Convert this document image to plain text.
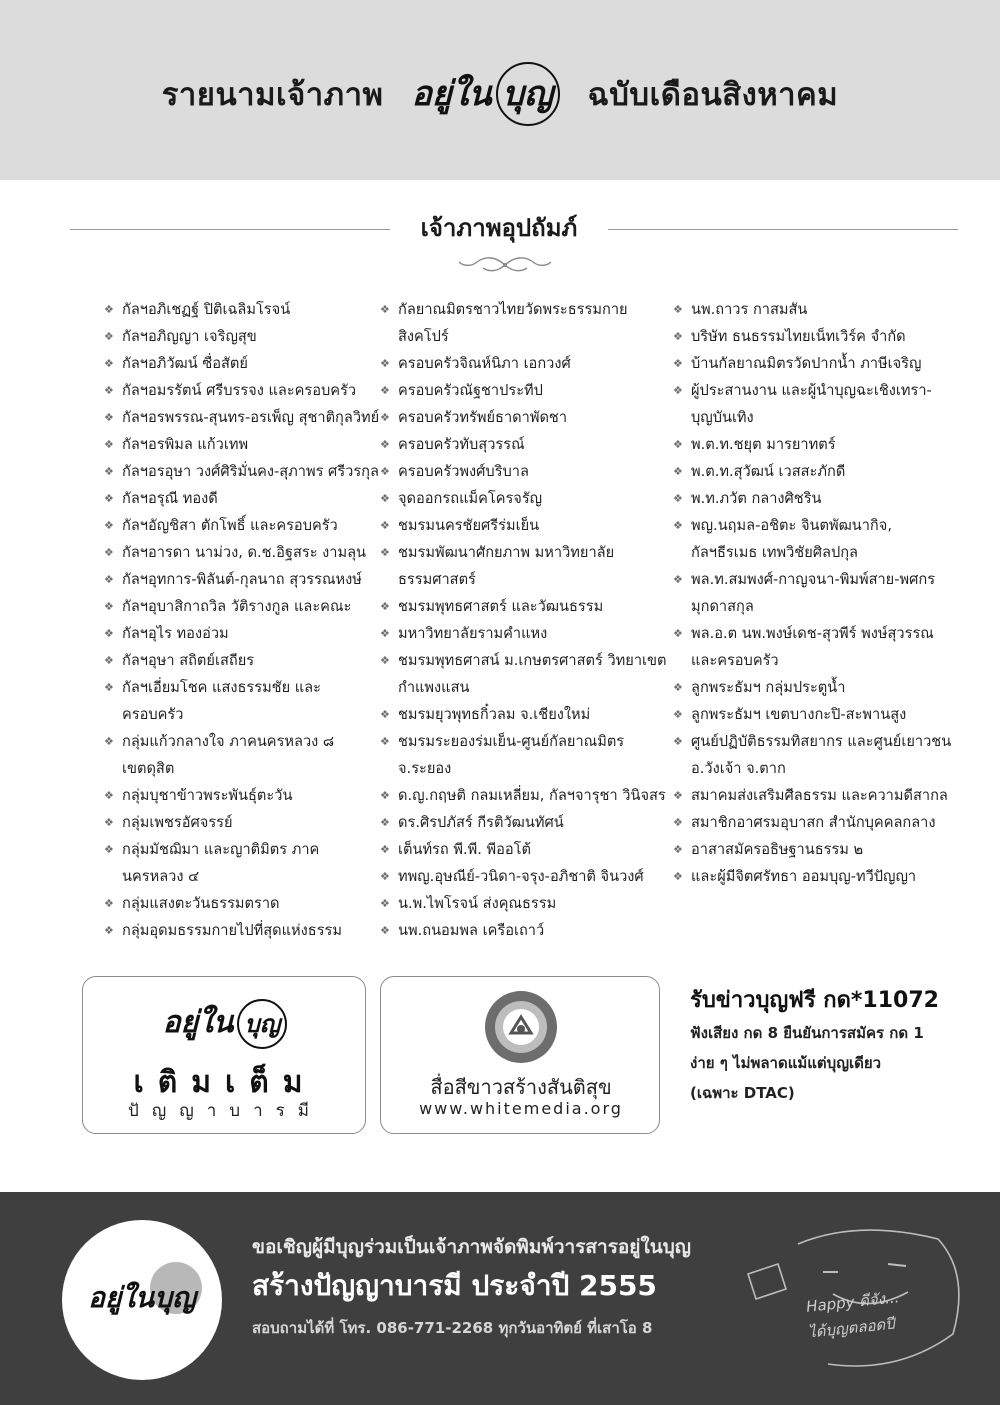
รายนามเจ้าภาพ อยู่ใน บุญ	ฉบับเดือนสิงหาคม
เจ้าภาพอุปถัมภ์
❖ กัลฯอภิเชฏฐ์ ปิติเฉลิมโรจน์
❖ กัลฯอภิญญา เจริญสุข
❖ กัลฯอภิวัฒน์ ซื่อสัตย์
❖ กัลฯอมรรัตน์ ศรีบรรจง และครอบครัว
❖ กัลฯอรพรรณ-สุนทร-อรเพ็ญ สุชาติกุลวิทย์
❖ กัลฯอรพิมล แก้วเทพ
❖ กัลฯอรอุษา วงศ์ศิริมั่นคง-สุภาพร ศรีวรกุล
❖ กัลฯอรุณี ทองดี
❖ กัลฯอัญชิสา ตักโพธิ์ และครอบครัว
❖ กัลฯอารดา นาม่วง, ด.ช.อิฐสระ งามลุน
❖ กัลฯอุทการ-พิลันต์-กุลนาถ สุวรรณหงษ์
❖ กัลฯอุบาสิกาถวิล วัติรางกูล และคณะ
❖ กัลฯอุไร ทองอ่วม
❖ กัลฯอุษา สถิตย์เสถียร
❖ กัลฯเอี่ยมโชค แสงธรรมชัย และครอบครัว
❖ กลุ่มแก้วกลางใจ ภาคนครหลวง ๘
เขตดุสิต
❖ กลุ่มบุชาข้าวพระพันธุ์ตะวัน
❖ กลุ่มเพชรอัศจรรย์
❖ กลุ่มมัชฌิมา และญาติมิตร ภาคนครหลวง ๔
❖ กลุ่มแสงตะวันธรรมตราด
❖ กลุ่มอุดมธรรมกายไปที่สุดแห่งธรรม
❖ กัลยาณมิตรชาวไทยวัดพระธรรมกายสิงคโปร์
❖ ครอบครัวจิณห์นิภา เอกวงศ์
❖ ครอบครัวณัฐชาประทีป
❖ ครอบครัวทรัพย์ธาดาพัดชา
❖ ครอบครัวทับสุวรรณ์
❖ ครอบครัวพงศ์บริบาล
❖ จุดออกรถแม็คโครจรัญ
❖ ชมรมนครชัยศรีร่มเย็น
❖ ชมรมพัฒนาศักยภาพ มหาวิทยาลัย
ธรรมศาสตร์
❖ ชมรมพุทธศาสตร์ และวัฒนธรรม
❖ มหาวิทยาลัยรามคำแหง
❖ ชมรมพุทธศาสน์ ม.เกษตรศาสตร์ วิทยาเขต
กำแพงแสน
❖ ชมรมยุวพุทธกิ๋วลม จ.เชียงใหม่
❖ ชมรมระยองร่มเย็น-ศูนย์กัลยาณมิตร จ.ระยอง
❖ ด.ญ.กฤษติ กลมเหลี่ยม, กัลฯจารุชา วินิจสร
❖ ดร.ศิรปภัสร์ กีรติวัฒนทัศน์
❖ เต็นท์รถ พี.พี. พีออโต้
❖ ทพญ.อุษณีย์-วนิดา-จรุง-อภิชาติ จินวงศ์
❖ น.พ.ไพโรจน์ ส่งคุณธรรม
❖ นพ.ถนอมพล เครือเถาว์
❖ นพ.ถาวร กาสมสัน
❖ บริษัท ธนธรรมไทยเน็ทเวิร์ค จำกัด
❖ บ้านกัลยาณมิตรวัดปากน้ำ ภาษีเจริญ
❖ ผู้ประสานงาน และผู้นำบุญฉะเชิงเทรา-
บุญบันเทิง
❖ พ.ต.ท.ชยุต มารยาทตร์
❖ พ.ต.ท.สุวัฒน์ เวสสะภักดี
❖ พ.ท.ภวัต กลางศิชริน
❖ พญ.นฤมล-อชิตะ จินตพัฒนากิจ,
กัลฯธีรเมธ เทพวิชัยศิลปกุล
❖ พล.ท.สมพงศ์-กาญจนา-พิมพ์สาย-พศกร
มุกดาสกุล
❖ พล.อ.ต นพ.พงษ์เดช-สุวพีร์ พงษ์สุวรรณ
และครอบครัว
❖ ลูกพระธัมฯ กลุ่มประตูน้ำ
❖ ลูกพระธัมฯ เขตบางกะปิ-สะพานสูง
❖ ศูนย์ปฏิบัติธรรมทิสยากร และศูนย์เยาวชน
อ.วังเจ้า จ.ตาก
❖ สมาคมส่งเสริมศีลธรรม และความดีสากล
❖ สมาชิกอาศรมอุบาสก สำนักบุคคลกลาง
❖ อาสาสมัครอธิษฐานธรรม ๒
❖ และผู้มีจิตศรัทธา ออมบุญ-ทวีปัญญา
อยู่ใน บุญ
เติมเต็ม
ปัญญาบารมี
สื่อสีขาวสร้างสันติสุข
www.whitemedia.org
รับข่าวบุญฟรี กด*11072
ฟังเสียง กด 8 ยืนยันการสมัคร กด 1
ง่าย ๆ ไม่พลาดแม้แต่บุญเดียว
(เฉพาะ DTAC)
อยู่ในบุญ
ขอเชิญผู้มีบุญร่วมเป็นเจ้าภาพจัดพิมพ์วารสารอยู่ในบุญ
สร้างปัญญาบารมี ประจำปี 2555
สอบถามได้ที่ โทร. 086-771-2268 ทุกวันอาทิตย์ ที่เสาโอ 8
Happy ดีจัง...
ได้บุญตลอดปี
